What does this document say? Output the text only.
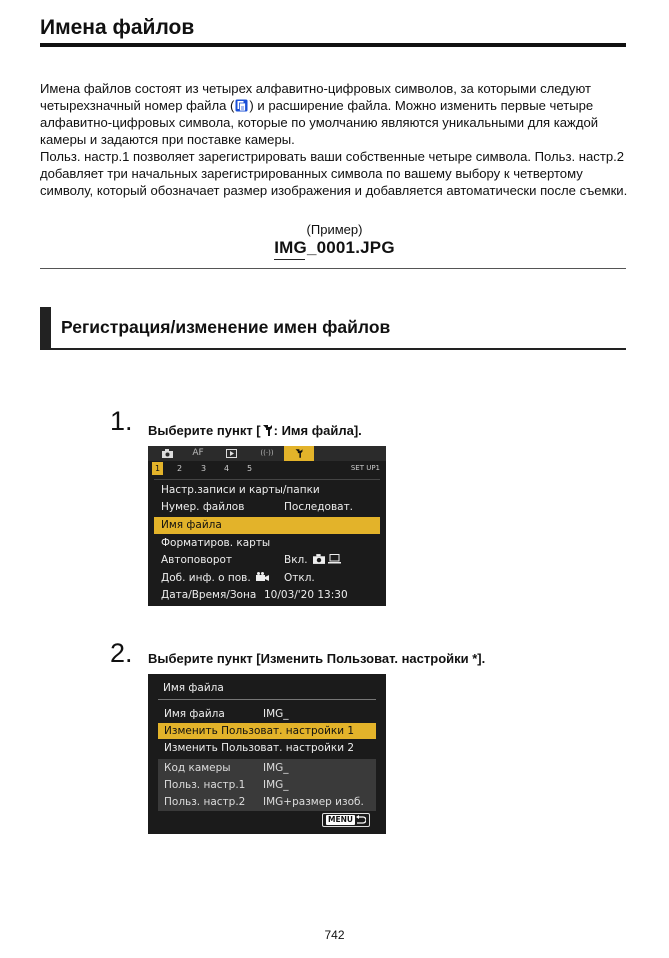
Имена файлов

Имена файлов состоят из четырех алфавитно-цифровых символов, за которыми следуют четырехзначный номер файла ( ) и расширение файла. Можно изменить первые четыре алфавитно-цифровых символа, которые по умолчанию являются уникальными для каждой камеры и задаются при поставке камеры.

Польз. настр.1 позволяет зарегистрировать ваши собственные четыре символа. Польз. настр.2 добавляет три начальных зарегистрированных символа по вашему выбору к четвертому символу, который обозначает размер изображения и добавляется автоматически после съемки.

(Пример)
IMG_0001.JPG
Регистрация/изменение имен файлов
1. Выберите пункт [ : Имя файла].
AF	((·))
1	2 3 4 5	SET UP1
Настр.записи и карты/папки
Нумер. файлов	Последоват.
Имя файла
Форматиров. карты
Автоповорот	Вкл.
Доб. инф. о пов.	Откл.
Дата/Время/Зона 10/03/'20 13:30
2. Выберите пункт [Изменить Пользоват. настройки *].
Имя файла
Имя файла	IMG_
Изменить Пользоват. настройки 1
Изменить Пользоват. настройки 2
Код камеры	IMG_
Польз. настр.1 IMG_
Польз. настр.2 IMG+размер изоб.
MENU
742
